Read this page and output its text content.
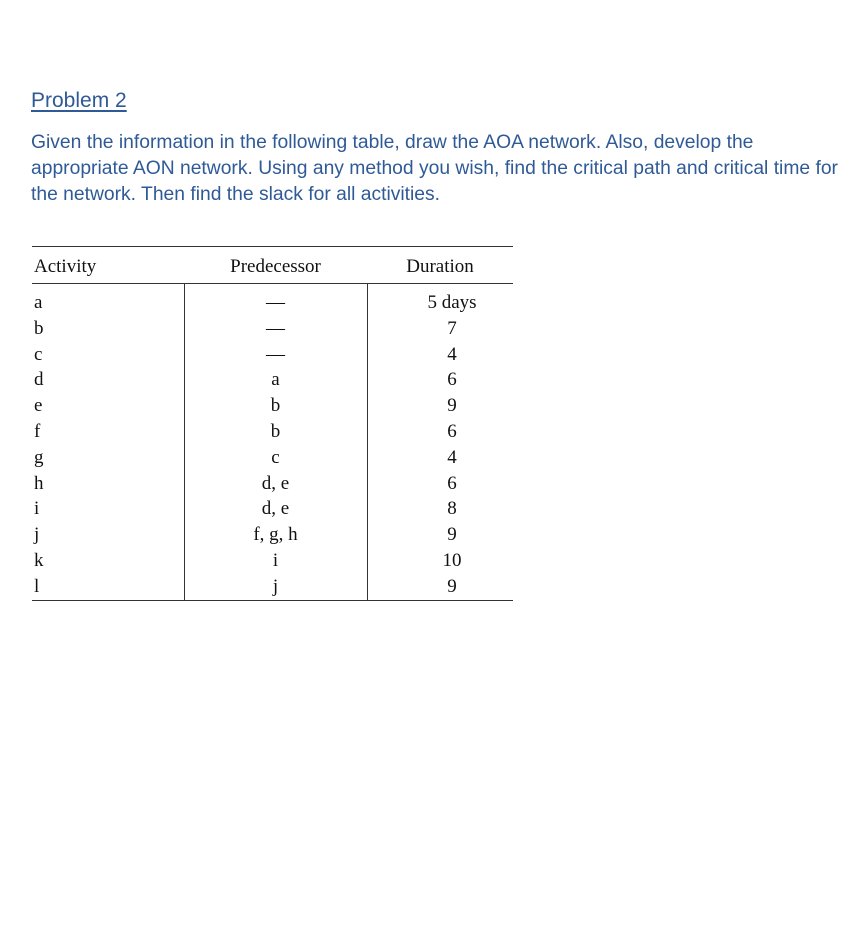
Problem 2

Given the information in the following table, draw the AOA network. Also, develop the appropriate AON network. Using any method you wish, find the critical path and critical time for the network. Then find the slack for all activities.

Activity	Predecessor	Duration
a
b
c
d
e
f
g
h
i
j
k
l
—
—
—
a
b
b
c
d, e
d, e
f, g, h
i
j
5 days
7
4
6
9
6
4
6
8
9
10
9
